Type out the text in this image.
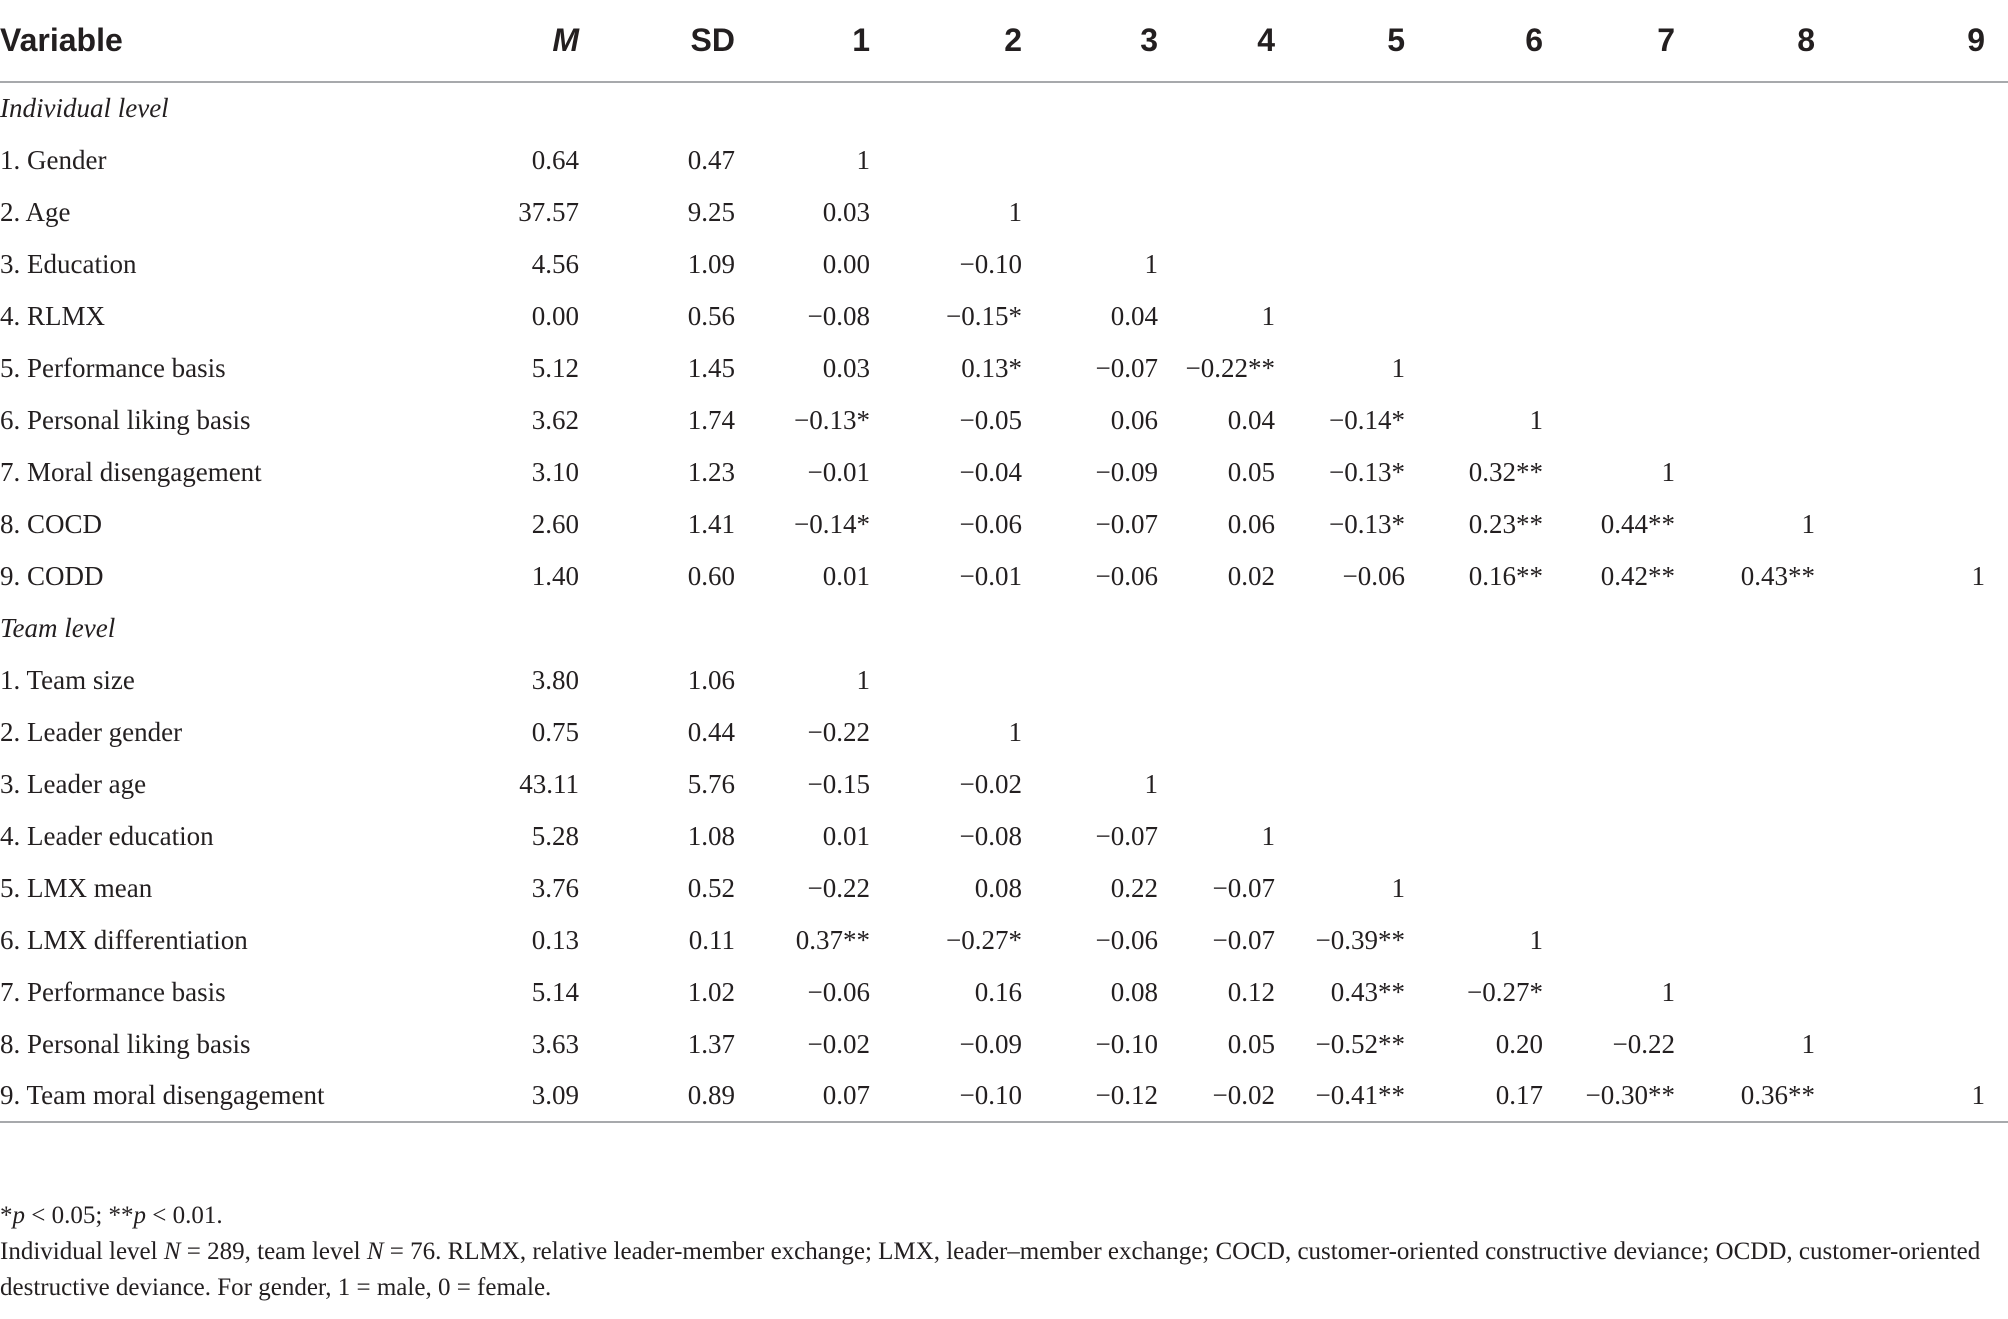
Variable	M	SD	1	2	3	4	5	6	7	8	9
Individual level											
1. Gender	0.64	0.47	1								
2. Age	37.57	9.25	0.03	1							
3. Education	4.56	1.09	0.00	−0.10	1						
4. RLMX	0.00	0.56	−0.08	−0.15*	0.04	1					
5. Performance basis	5.12	1.45	0.03	0.13*	−0.07	−0.22**	1				
6. Personal liking basis	3.62	1.74	−0.13*	−0.05	0.06	0.04	−0.14*	1			
7. Moral disengagement	3.10	1.23	−0.01	−0.04	−0.09	0.05	−0.13*	0.32**	1		
8. COCD	2.60	1.41	−0.14*	−0.06	−0.07	0.06	−0.13*	0.23**	0.44**	1	
9. CODD	1.40	0.60	0.01	−0.01	−0.06	0.02	−0.06	0.16**	0.42**	0.43**	1
Team level											
1. Team size	3.80	1.06	1								
2. Leader gender	0.75	0.44	−0.22	1							
3. Leader age	43.11	5.76	−0.15	−0.02	1						
4. Leader education	5.28	1.08	0.01	−0.08	−0.07	1					
5. LMX mean	3.76	0.52	−0.22	0.08	0.22	−0.07	1				
6. LMX differentiation	0.13	0.11	0.37**	−0.27*	−0.06	−0.07	−0.39**	1			
7. Performance basis	5.14	1.02	−0.06	0.16	0.08	0.12	0.43**	−0.27*	1		
8. Personal liking basis	3.63	1.37	−0.02	−0.09	−0.10	0.05	−0.52**	0.20	−0.22	1	
9. Team moral disengagement	3.09	0.89	0.07	−0.10	−0.12	−0.02	−0.41**	0.17	−0.30**	0.36**	1

*p < 0.05; **p < 0.01.

Individual level N = 289, team level N = 76. RLMX, relative leader-member exchange; LMX, leader–member exchange; COCD, customer-oriented constructive deviance; OCDD, customer-oriented destructive deviance. For gender, 1 = male, 0 = female.
